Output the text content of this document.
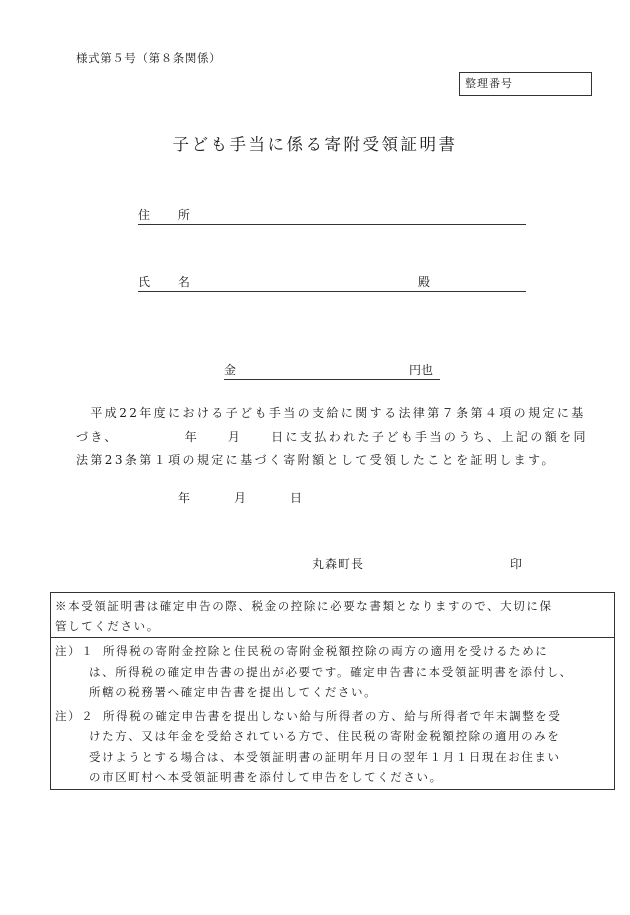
様式第５号（第８条関係）
整理番号
子ども手当に係る寄附受領証明書
住 所
氏 名	殿
金	円也

　平成22年度における子ども手当の支給に関する法律第７条第４項の規定に基

づき、　　　　　年　　月　　日に支払われた子ども手当のうち、上記の額を同

法第23条第１項の規定に基づく寄附額として受領したことを証明します。

年	月	日
丸森町長	印

※本受領証明書は確定申告の際、税金の控除に必要な書類となりますので、大切に保

管してください。

注）１ 所得税の寄附金控除と住民税の寄附金税額控除の両方の適用を受けるために

は、所得税の確定申告書の提出が必要です。確定申告書に本受領証明書を添付し、

所轄の税務署へ確定申告書を提出してください。

注）２ 所得税の確定申告書を提出しない給与所得者の方、給与所得者で年末調整を受

けた方、又は年金を受給されている方で、住民税の寄附金税額控除の適用のみを

受けようとする場合は、本受領証明書の証明年月日の翌年１月１日現在お住まい

の市区町村へ本受領証明書を添付して申告をしてください。
